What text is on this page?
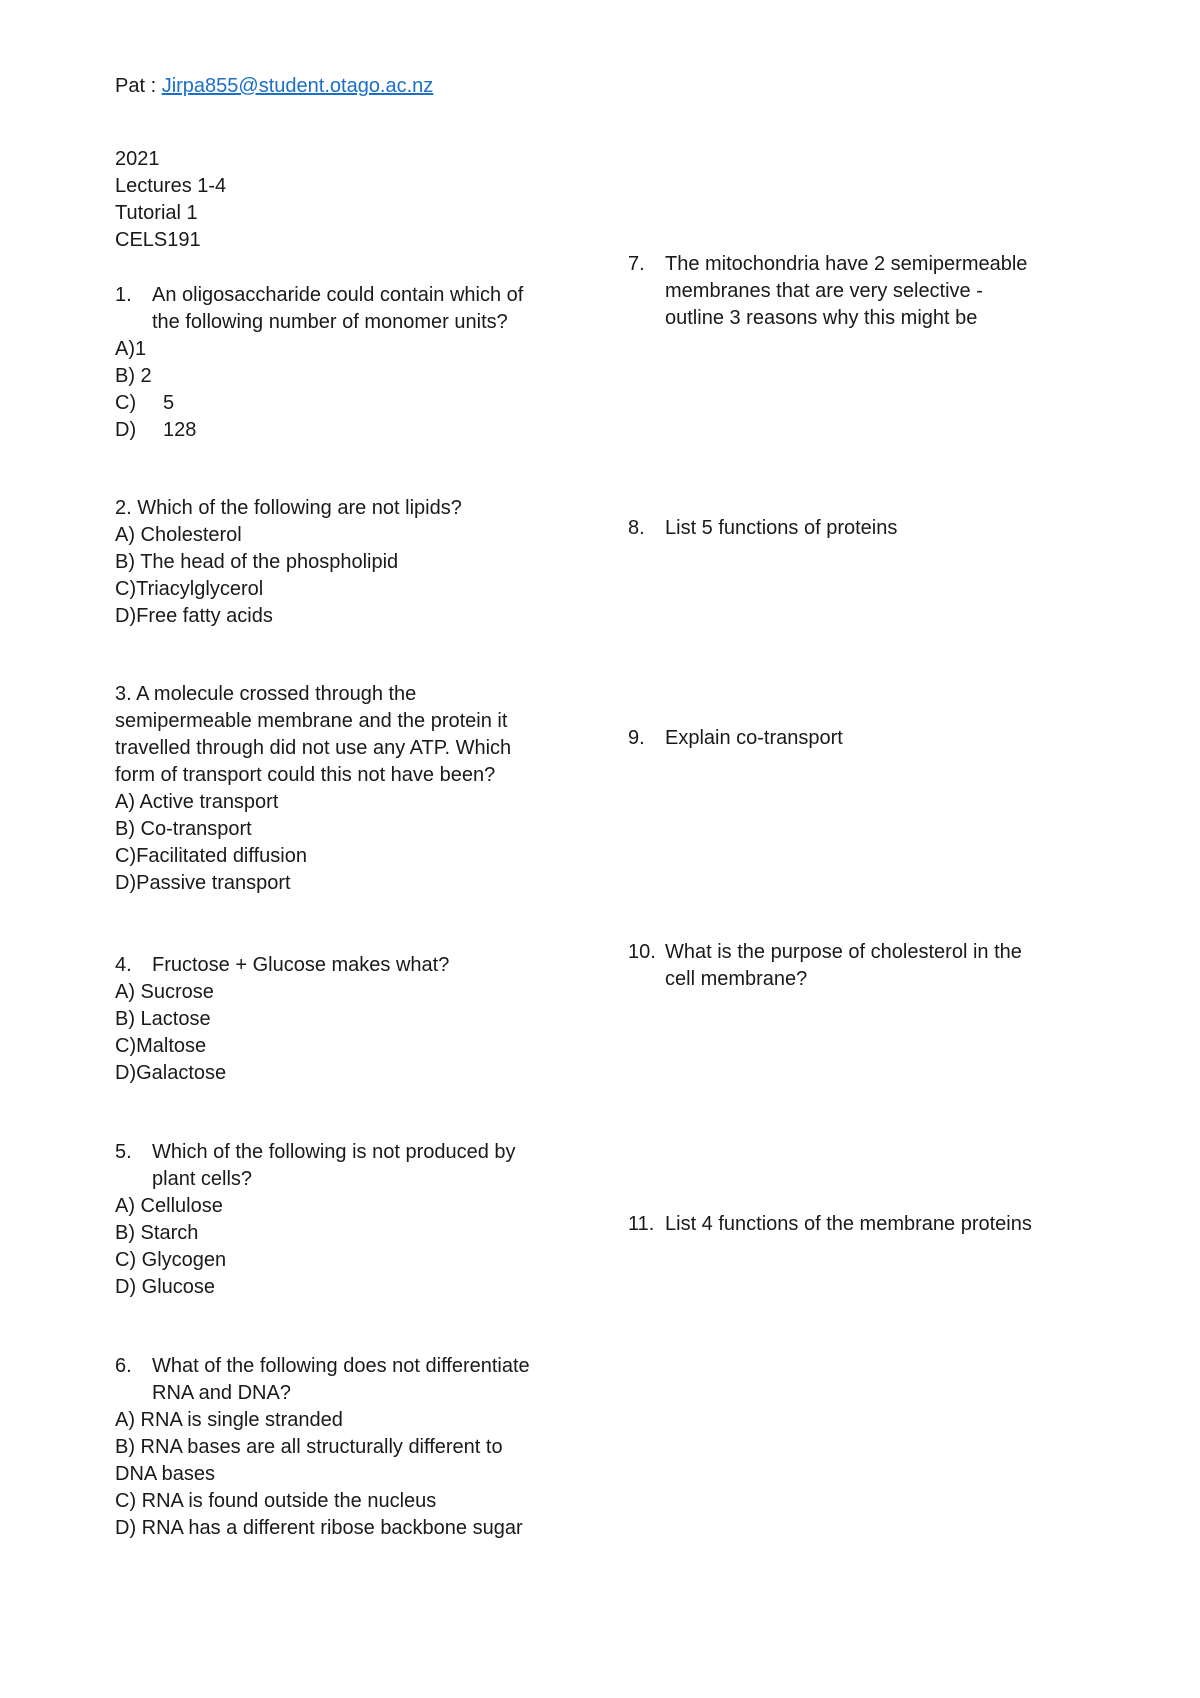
Pat : Jirpa855@student.otago.ac.nz
2021
Lectures 1-4
Tutorial 1
CELS191
1. An oligosaccharide could contain which of
the following number of monomer units?
A)1
B) 2
C) 5
D) 128
2. Which of the following are not lipids?
A) Cholesterol
B) The head of the phospholipid
C)Triacylglycerol
D)Free fatty acids
3. A molecule crossed through the
semipermeable membrane and the protein it
travelled through did not use any ATP. Which
form of transport could this not have been?
A) Active transport
B) Co-transport
C)Facilitated diffusion
D)Passive transport
4. Fructose + Glucose makes what?
A) Sucrose
B) Lactose
C)Maltose
D)Galactose
5. Which of the following is not produced by
plant cells?
A) Cellulose
B) Starch
C) Glycogen
D) Glucose
6. What of the following does not differentiate
RNA and DNA?
A) RNA is single stranded
B) RNA bases are all structurally different to
DNA bases
C) RNA is found outside the nucleus
D) RNA has a different ribose backbone sugar
7. The mitochondria have 2 semipermeable
membranes that are very selective -
outline 3 reasons why this might be
8. List 5 functions of proteins
9. Explain co-transport
10. What is the purpose of cholesterol in the
cell membrane?
11. List 4 functions of the membrane proteins
